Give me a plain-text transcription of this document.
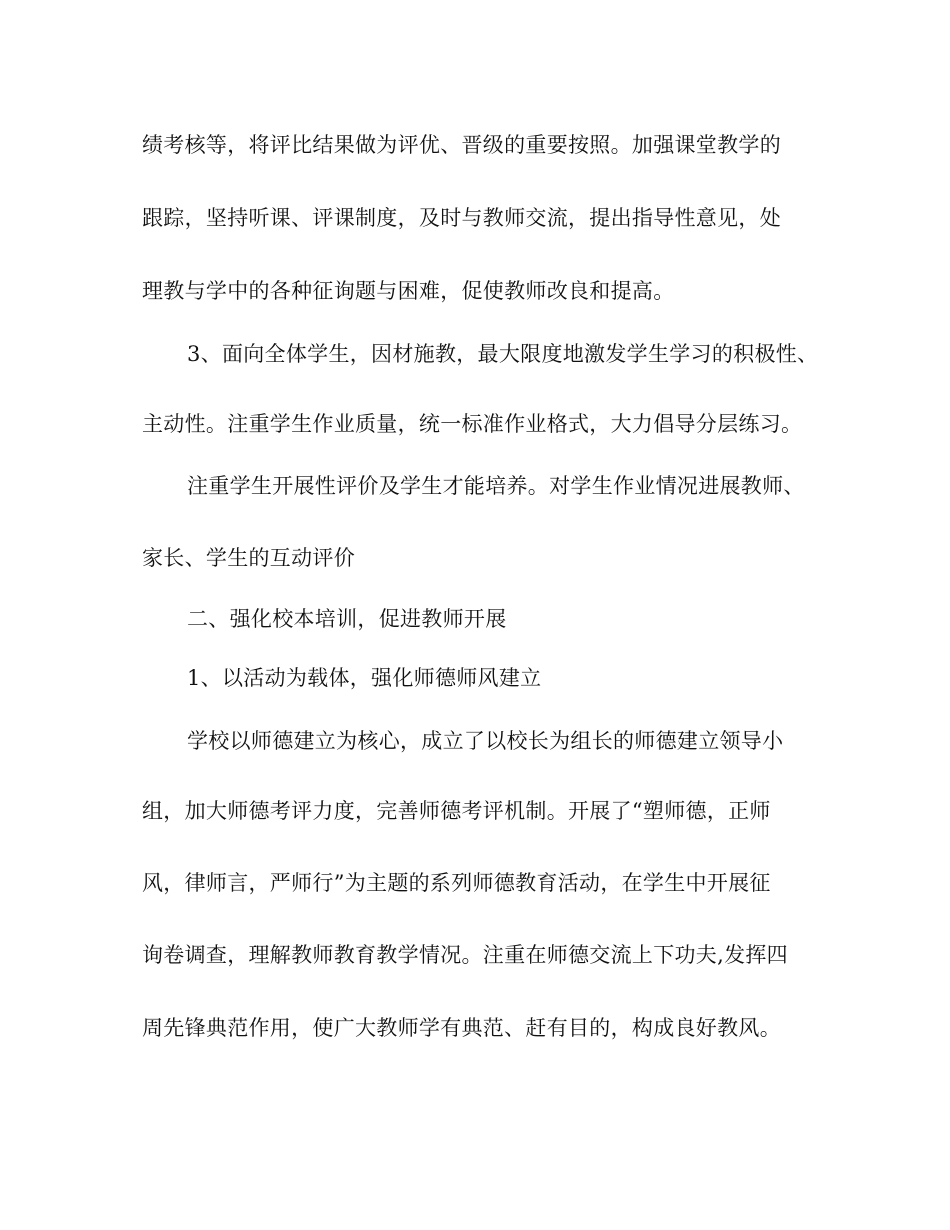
绩考核等，将评比结果做为评优、晋级的重要按照。加强课堂教学的
跟踪，坚持听课、评课制度，及时与教师交流，提出指导性意见，处
理教与学中的各种征询题与困难，促使教师改良和提高。
3、面向全体学生，因材施教，最大限度地激发学生学习的积极性、
主动性。注重学生作业质量，统一标准作业格式，大力倡导分层练习。
注重学生开展性评价及学生才能培养。对学生作业情况进展教师、
家长、学生的互动评价
二、强化校本培训，促进教师开展
1、以活动为载体，强化师德师风建立
学校以师德建立为核心，成立了以校长为组长的师德建立领导小
组，加大师德考评力度，完善师德考评机制。开展了“塑师德，正师
风，律师言，严师行”为主题的系列师德教育活动，在学生中开展征
询卷调查，理解教师教育教学情况。注重在师德交流上下功夫,发挥四
周先锋典范作用，使广大教师学有典范、赶有目的，构成良好教风。
